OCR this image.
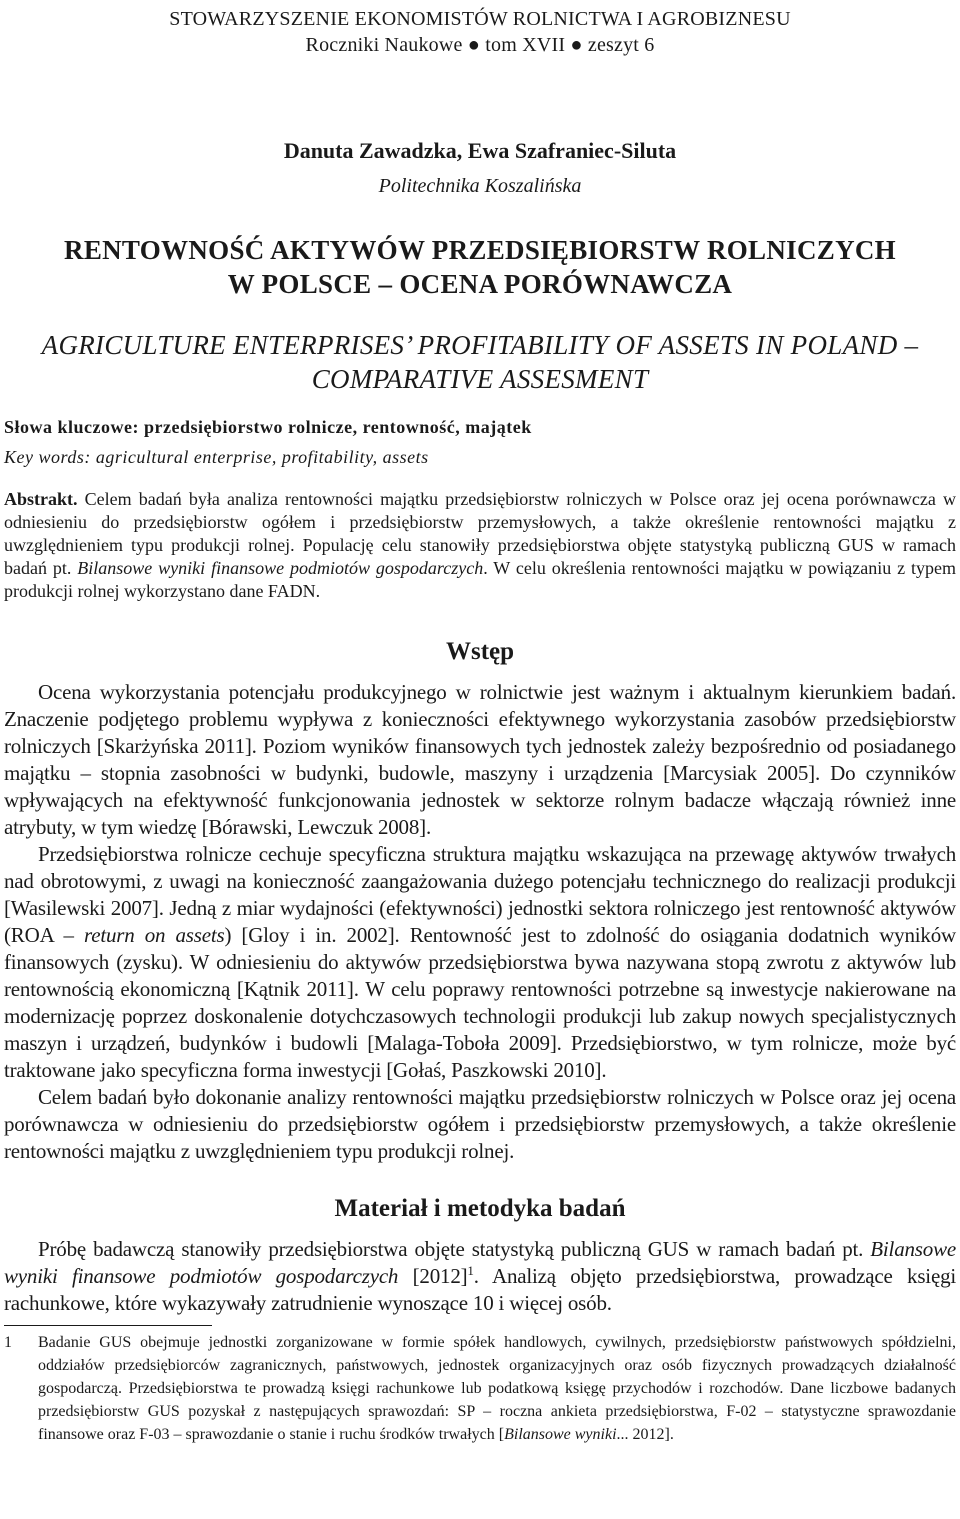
STOWARZYSZENIE EKONOMISTÓW ROLNICTWA I AGROBIZNESU
Roczniki Naukowe ● tom XVII ● zeszyt 6
Danuta Zawadzka, Ewa Szafraniec-Siluta
Politechnika Koszalińska
RENTOWNOŚĆ AKTYWÓW PRZEDSIĘBIORSTW ROLNICZYCH
W POLSCE – OCENA PORÓWNAWCZA
AGRICULTURE ENTERPRISES’ PROFITABILITY OF ASSETS IN POLAND –
COMPARATIVE ASSESMENT
Słowa kluczowe: przedsiębiorstwo rolnicze, rentowność, majątek
Key words: agricultural enterprise, profitability, assets
Abstrakt. Celem badań była analiza rentowności majątku przedsiębiorstw rolniczych w Polsce oraz jej ocena porównawcza w odniesieniu do przedsiębiorstw ogółem i przedsiębiorstw przemysłowych, a także określenie rentowności majątku z uwzględnieniem typu produkcji rolnej. Populację celu stanowiły przedsiębiorstwa objęte statystyką publiczną GUS w ramach badań pt. Bilansowe wyniki finansowe podmiotów gospodarczych. W celu określenia rentowności majątku w powiązaniu z typem produkcji rolnej wykorzystano dane FADN.
Wstęp

Ocena wykorzystania potencjału produkcyjnego w rolnictwie jest ważnym i aktualnym kierunkiem badań. Znaczenie podjętego problemu wypływa z konieczności efektywnego wykorzystania zasobów przedsiębiorstw rolniczych [Skarżyńska 2011]. Poziom wyników finansowych tych jednostek zależy bezpośrednio od posiadanego majątku – stopnia zasobności w budynki, budowle, maszyny i urządzenia [Marcysiak 2005]. Do czynników wpływających na efektywność funkcjonowania jednostek w sektorze rolnym badacze włączają również inne atrybuty, w tym wiedzę [Bórawski, Lewczuk 2008].

Przedsiębiorstwa rolnicze cechuje specyficzna struktura majątku wskazująca na przewagę aktywów trwałych nad obrotowymi, z uwagi na konieczność zaangażowania dużego potencjału technicznego do realizacji produkcji [Wasilewski 2007]. Jedną z miar wydajności (efektywności) jednostki sektora rolniczego jest rentowność aktywów (ROA – return on assets) [Gloy i in. 2002]. Rentowność jest to zdolność do osiągania dodatnich wyników finansowych (zysku). W odniesieniu do aktywów przedsiębiorstwa bywa nazywana stopą zwrotu z aktywów lub rentownością ekonomiczną [Kątnik 2011]. W celu poprawy rentowności potrzebne są inwestycje nakierowane na modernizację poprzez doskonalenie dotychczasowych technologii produkcji lub zakup nowych specjalistycznych maszyn i urządzeń, budynków i budowli [Malaga-Toboła 2009]. Przedsiębiorstwo, w tym rolnicze, może być traktowane jako specyficzna forma inwestycji [Gołaś, Paszkowski 2010].

Celem badań było dokonanie analizy rentowności majątku przedsiębiorstw rolniczych w Polsce oraz jej ocena porównawcza w odniesieniu do przedsiębiorstw ogółem i przedsiębiorstw przemysłowych, a także określenie rentowności majątku z uwzględnieniem typu produkcji rolnej.

Materiał i metodyka badań

Próbę badawczą stanowiły przedsiębiorstwa objęte statystyką publiczną GUS w ramach badań pt. Bilansowe wyniki finansowe podmiotów gospodarczych $[2012]^1$. Analizą objęto przedsiębiorstwa, prowadzące księgi rachunkowe, które wykazywały zatrudnienie wynoszące 10 i więcej osób.

1 Badanie GUS obejmuje jednostki zorganizowane w formie spółek handlowych, cywilnych, przedsiębiorstw państwowych spółdzielni, oddziałów przedsiębiorców zagranicznych, państwowych, jednostek organizacyjnych oraz osób fizycznych prowadzących działalność gospodarczą. Przedsiębiorstwa te prowadzą księgi rachunkowe lub podatkową księgę przychodów i rozchodów. Dane liczbowe badanych przedsiębiorstw GUS pozyskał z następujących sprawozdań: SP – roczna ankieta przedsiębiorstwa, F-02 – statystyczne sprawozdanie finansowe oraz F-03 – sprawozdanie o stanie i ruchu środków trwałych [Bilansowe wyniki... 2012].
